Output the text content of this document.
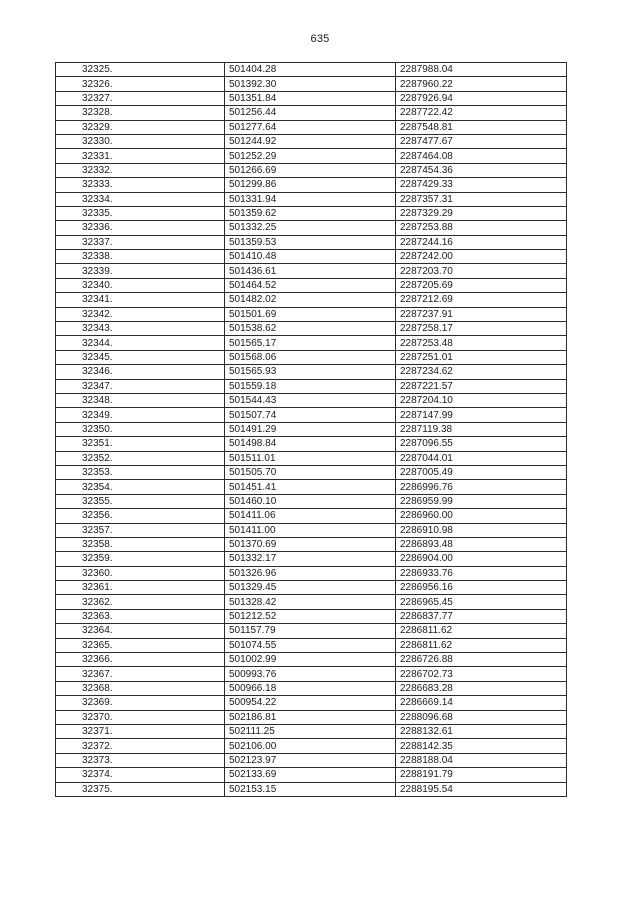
635
32325.	501404.28	2287988.04
32326.	501392.30	2287960.22
32327.	501351.84	2287926.94
32328.	501256.44	2287722.42
32329.	501277.64	2287548.81
32330.	501244.92	2287477.67
32331.	501252.29	2287464.08
32332.	501266.69	2287454.36
32333.	501299.86	2287429.33
32334.	501331.94	2287357.31
32335.	501359.62	2287329.29
32336.	501332.25	2287253.88
32337.	501359.53	2287244.16
32338.	501410.48	2287242.00
32339.	501436.61	2287203.70
32340.	501464.52	2287205.69
32341.	501482.02	2287212.69
32342.	501501.69	2287237.91
32343.	501538.62	2287258.17
32344.	501565.17	2287253.48
32345.	501568.06	2287251.01
32346.	501565.93	2287234.62
32347.	501559.18	2287221.57
32348.	501544.43	2287204.10
32349.	501507.74	2287147.99
32350.	501491.29	2287119.38
32351.	501498.84	2287096.55
32352.	501511.01	2287044.01
32353.	501505.70	2287005.49
32354.	501451.41	2286996.76
32355.	501460.10	2286959.99
32356.	501411.06	2286960.00
32357.	501411.00	2286910.98
32358.	501370.69	2286893.48
32359.	501332.17	2286904.00
32360.	501326.96	2286933.76
32361.	501329.45	2286956.16
32362.	501328.42	2286965.45
32363.	501212.52	2286837.77
32364.	501157.79	2286811.62
32365.	501074.55	2286811.62
32366.	501002.99	2286726.88
32367.	500993.76	2286702.73
32368.	500966.18	2286683.28
32369.	500954.22	2286669.14
32370.	502186.81	2288096.68
32371.	502111.25	2288132.61
32372.	502106.00	2288142.35
32373.	502123.97	2288188.04
32374.	502133.69	2288191.79
32375.	502153.15	2288195.54
